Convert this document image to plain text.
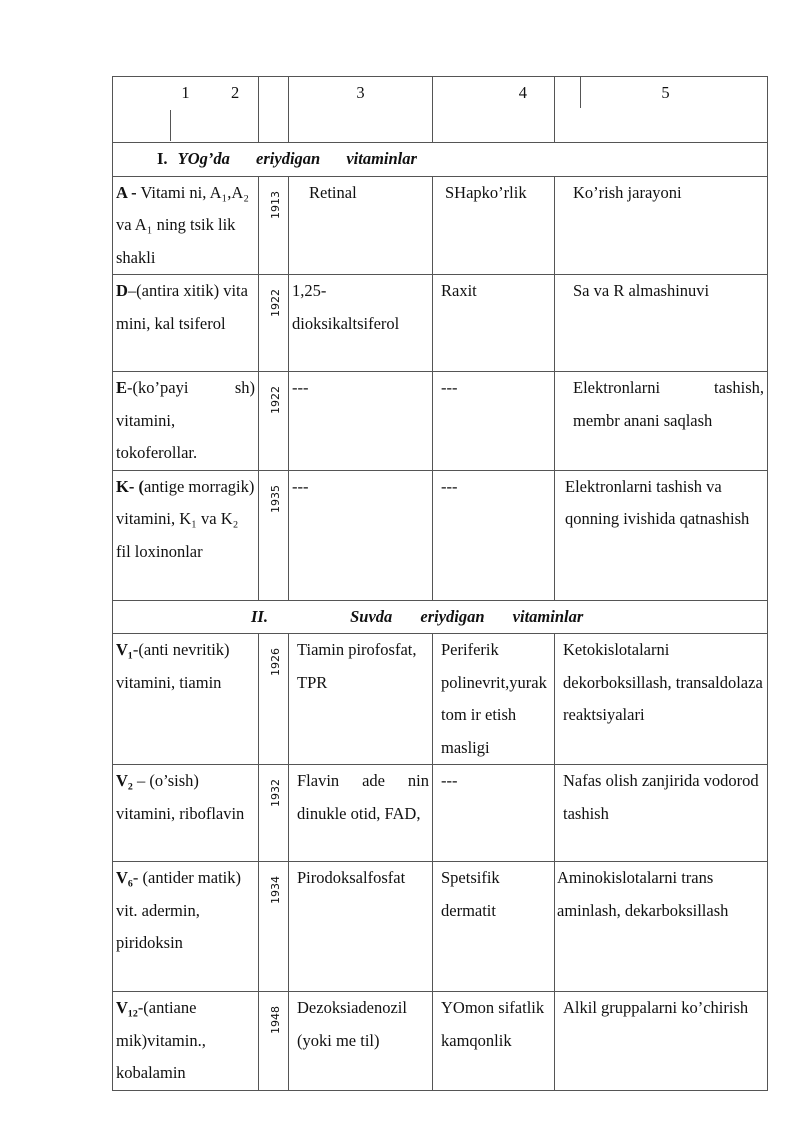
1	2	3	4	5
I. YOg’da eriydigan vitaminlar				
A - Vitami ni, A₁,A₂ va A₁ ning tsik lik shakli	1913	Retinal	SHapko’rlik	Ko’rish jarayoni
D–(antira xitik) vita mini, kal tsiferol	1922	1,25-dioksikaltsiferol	Raxit	Sa va R almashinuvi
E-(ko’payi sh) vitamini, tokoferollar.	1922	---	---	Elektronlarni tashish, membr anani saqlash
K- (antige morragik) vitamini, K₁ va K₂ fil loxinonlar	1935	---	---	Elektronlarni tashish va qonning ivishida qatnashish
II. Suvda eriydigan vitaminlar				
V₁-(anti nevritik) vitamini, tiamin	1926	Tiamin pirofosfat, TPR	Periferik polinevrit,yurak tom ir etish masligi	Ketokislotalarni dekorboksillash, transaldolaza reaktsiyalari
V₂ – (o’sish) vitamini, riboflavin	1932	Flavin ade nin dinukle otid, FAD,	---	Nafas olish zanjirida vodorod tashish
V₆- (antider matik) vit. adermin, piridoksin	1934	Pirodoksalfosfat	Spetsifik dermatit	Aminokislotalarni trans aminlash, dekarboksillash
V₁₂-(antiane mik)vitamin., kobalamin	1948	Dezoksiadenozil (yoki me til)	YOmon sifatlik kamqonlik	Alkil gruppalarni ko’chirish
